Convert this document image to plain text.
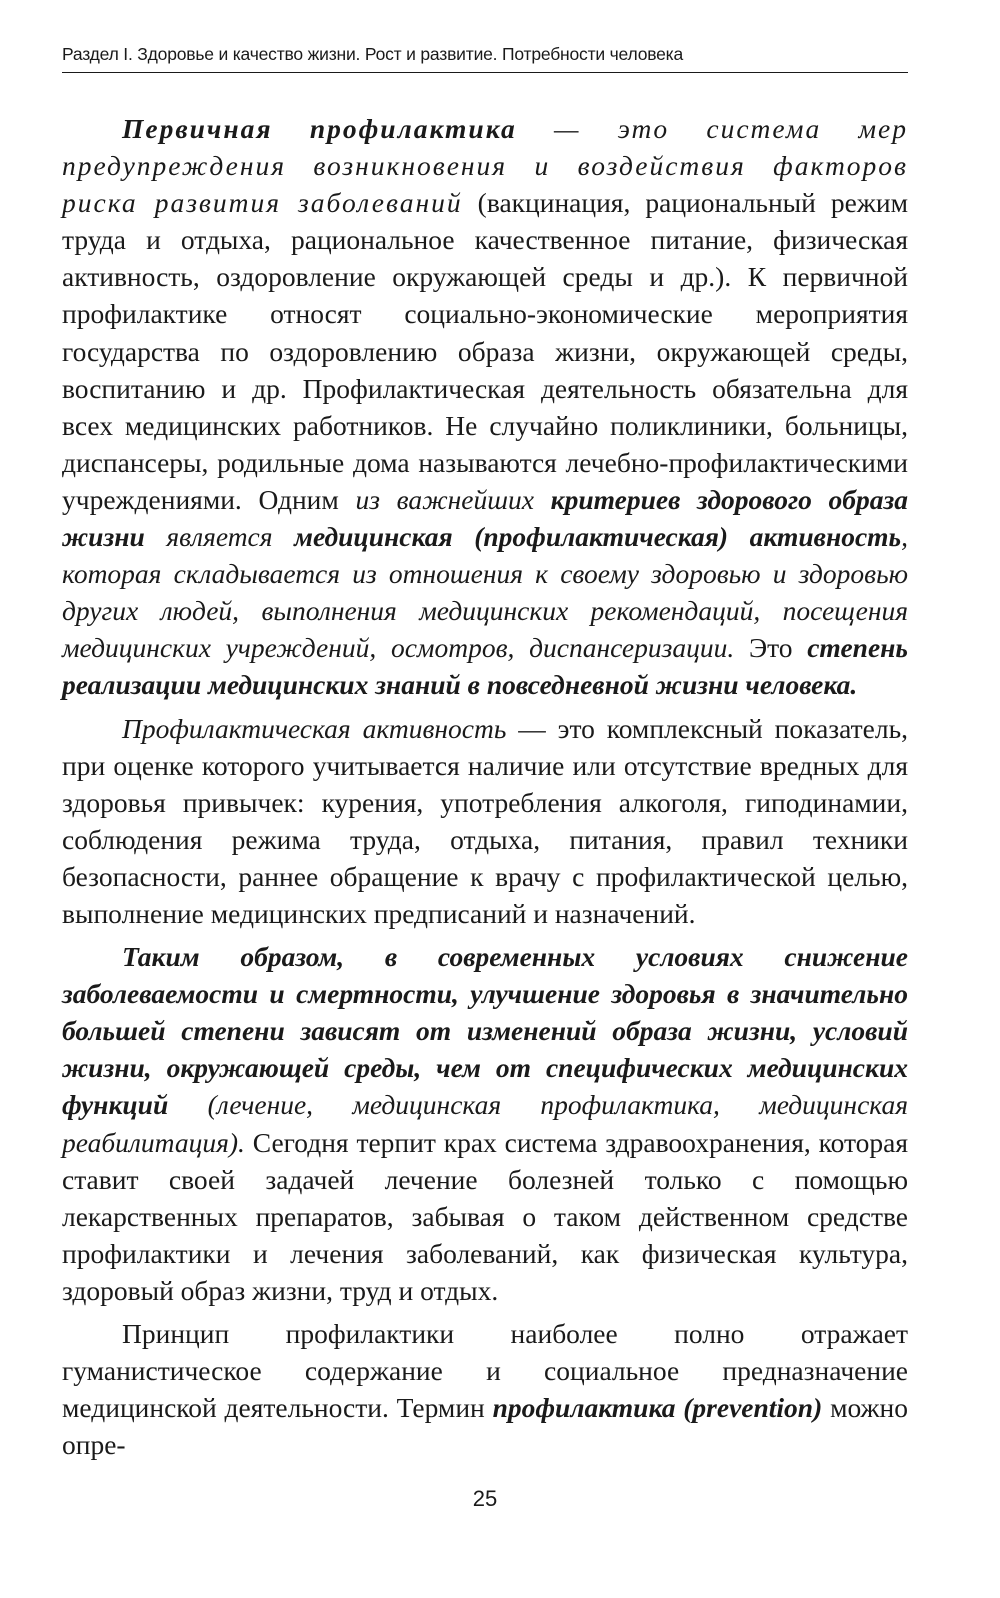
Раздел I. Здоровье и качество жизни. Рост и развитие. Потребности человека

Первичная профилактика — это система мер предупреждения возникновения и воздействия факторов риска развития заболеваний (вакцинация, рациональный режим труда и отдыха, рациональное качественное питание, физическая активность, оздоровление окружающей среды и др.). К первичной профилактике относят социально-экономические мероприятия государства по оздоровлению образа жизни, окружающей среды, воспитанию и др. Профилактическая деятельность обязательна для всех медицинских работников. Не случайно поликлиники, больницы, диспансеры, родильные дома называются лечебно-профилактическими учреждениями. Одним из важнейших критериев здорового образа жизни является медицинская (профилактическая) активность, которая складывается из отношения к своему здоровью и здоровью других людей, выполнения медицинских рекомендаций, посещения медицинских учреждений, осмотров, диспансеризации. Это степень реализации медицинских знаний в повседневной жизни человека.

Профилактическая активность — это комплексный показатель, при оценке которого учитывается наличие или отсутствие вредных для здоровья привычек: курения, употребления алкоголя, гиподинамии, соблюдения режима труда, отдыха, питания, правил техники безопасности, раннее обращение к врачу с профилактической целью, выполнение медицинских предписаний и назначений.

Таким образом, в современных условиях снижение заболеваемости и смертности, улучшение здоровья в значительно большей степени зависят от изменений образа жизни, условий жизни, окружающей среды, чем от специфических медицинских функций (лечение, медицинская профилактика, медицинская реабилитация). Сегодня терпит крах система здравоохранения, которая ставит своей задачей лечение болезней только с помощью лекарственных препаратов, забывая о таком действенном средстве профилактики и лечения заболеваний, как физическая культура, здоровый образ жизни, труд и отдых.

Принцип профилактики наиболее полно отражает гуманистическое содержание и социальное предназначение медицинской деятельности. Термин профилактика (prevention) можно опре-

25
